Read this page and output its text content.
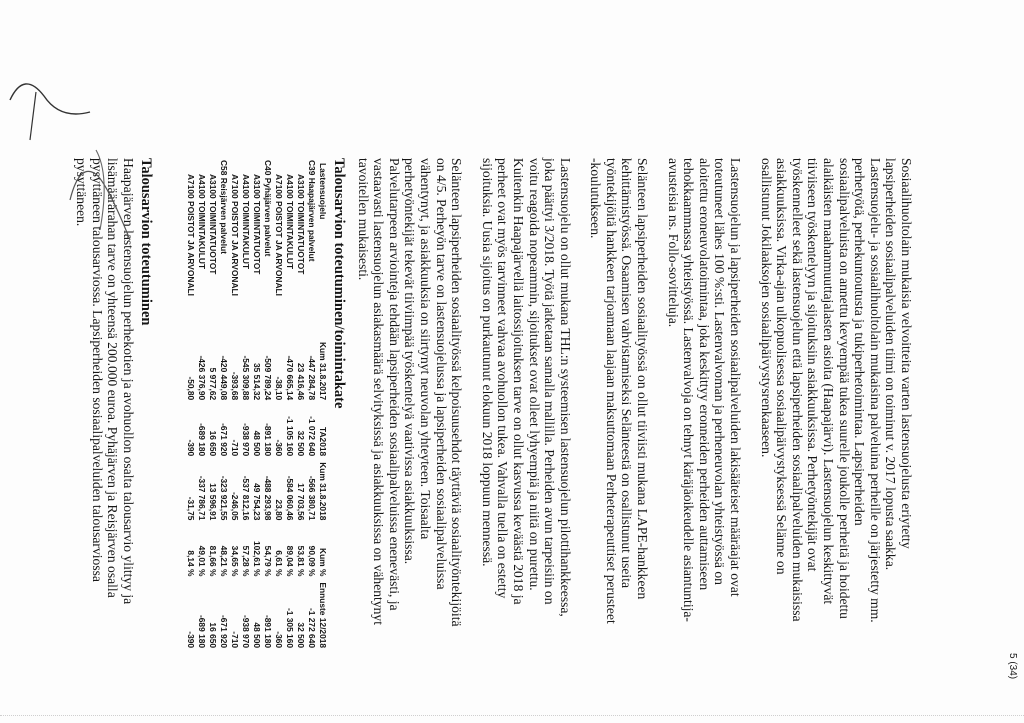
5 (34)

Sosiaalihuoltolain mukaisia velvoitteita varten lastensuojelusta eriytetty lapsiperheiden sosiaalipalveluiden tiimi on toiminut v. 2017 lopusta saakka. Lastensuojelu- ja sosiaalihuoltolain mukaisina palveluina perheille on järjestetty mm. perhetyötä, perhekuntoutusta ja tukiperhetoimintaa. Lapsiperheiden sosiaalipalveluista on annettu kevyempää tukea suurelle joukolle perheitä ja hoidettu alaikäisten maahanmuuttajalasten asioita (Haapajärvi). Lastensuojelun keskittyvät tiiviiseen työskentelyyn ja sijoituksiin asiakkuuksissa. Perhetyöntekijät ovat työskennelleet sekä lastensuojelun että lapsiperheiden sosiaalipalveluiden mukaisissa asiakkuuksissa. Virka-ajan ulkopuolisessa sosiaalipäivystyksessä Selänne on osallistunut Jokilaaksojen sosiaalipäivystysrenkaaseen.

Lastensuojelun ja lapsiperheiden sosiaalipalveluiden lakisääteiset määräajat ovat toteutuneet lähes 100 %:sti. Lastenvalvoman ja perheneuvolan yhteistyössä on aloitettu eroneuvolatoimintaa, joka keskittyy eronneiden perheiden auttamiseen tehokkaammassa yhteistyössä. Lastenvalvoja on tehnyt käräjäoikeudelle asiantuntija-avusteisia ns. Follo-sovitteluja.

Selänteen lapsiperheiden sosiaalityössä on ollut tiiviisti mukana LAPE-hankkeen kehittämistyössä. Osaamisen vahvistamiseksi Selänteestä on osallistunut useita työntekijöitä hankkeen tarjoamaan laajaan maksuttomaan Perheterapeuttiset perusteet -koulutukseen.

Lastensuojelu on ollut mukana THL:n systeemisen lastensuojelun pilottihankkeessa, joka päättyi 3/2018. Työtä jatketaan samalla mallilla. Perheiden avun tarpeisiin on voitu reagoida nopeammin, sijoitukset ovat olleet lyhyempiä ja niitä on purettu. Kuitenkin Haapajärvellä laitossijoituksen tarve on ollut kasvussa keväästä 2018 ja perheet ovat myös tarvinneet vahvaa avohuollon tukea. Vahvalla tuella on estetty sijoituksia. Uusia sijoitus on purkautunut elokuun 2018 loppuun mennessä.

Selänteen lapsiperheiden sosiaalityössä kelpoisuusehdot täyttäviä sosiaalityöntekijöitä on 4/5. Perheyön tarve on lastensuojelussa ja lapsiperheiden sosiaalipalveluissa vähentynyt, ja asiakkuuksia on siirtynyt neuvolan yhteyteen. Toisaalta perhetyöntekijät tekevät tiiviimpää työskentelyä vaativissa asiakkuuksissa. Palvelutarpeen arviointeja tehdään lapsiperheiden sosiaalipalveluissa enenevästi, ja vastaavasti lastensuojelun asiakasmäärä selvityksissä ja asiakkuuksissa on vähentynyt tavoitellen mukaisesti.

Talousarvion toteutuminen/toimintakate
Lastensuojelu	Kum 31.8.2017	TA2018	Kum 31.8.2018	Kum %	Ennuste 12/2018
C39 Haapajärven palvelut	-447 284,78	-1 072 640	-566 380,71	90,09 %	-1 272 640
A3100 TOIMINTATUOTOT	23 416,46	32 500	17 703,56	53,81 %	32 500
A4100 TOIMINTAKULUT	-470 665,14	-1 105 160	-584 060,46	89,04 %	-1 305 160
A7100 POISTOT JA ARVONALI	-38,10	-360	23,80	6,61 %	-360
C40 Pyhäjärven palvelut	-509 789,24	-891 180	-488 293,98	54,79 %	-891 180
A3100 TOIMINTATUOTOT	35 514,32	48 500	49 754,23	102,61 %	48 500
A4100 TOIMINTAKULUT	-545 309,88	-938 970	-537 812,16	57,28 %	-938 970
A7100 POISTOT JA ARVONALI	-393,68	-710	-246,05	34,65 %	-710
C58 Reisjärven palvelut	-420 449,08	-671 920	-323 921,55	48,21 %	-671 920
A3100 TOIMINTATUOTOT	5 977,62	16 650	13 596,91	81,66 %	16 650
A4100 TOIMINTAKULUT	-426 376,90	-689 180	-337 786,71	49,01 %	-689 180
A7100 POISTOT JA ARVONALI	-50,80	-390	-31,75	8,14 %	-390
Talousarvion toteutuminen

Haapajärven lastensuojelun perhekotien ja avohuollon osalta talousarvio ylittyy ja lisämäärärahan tarve on yhteensä 200.000 euroa. Pyhäjärven ja Reisjärven osalla pysyttäneen talousarviossa. Lapsiperheiden sosiaalipalveluiden talousarviossa pysyttäneen.
